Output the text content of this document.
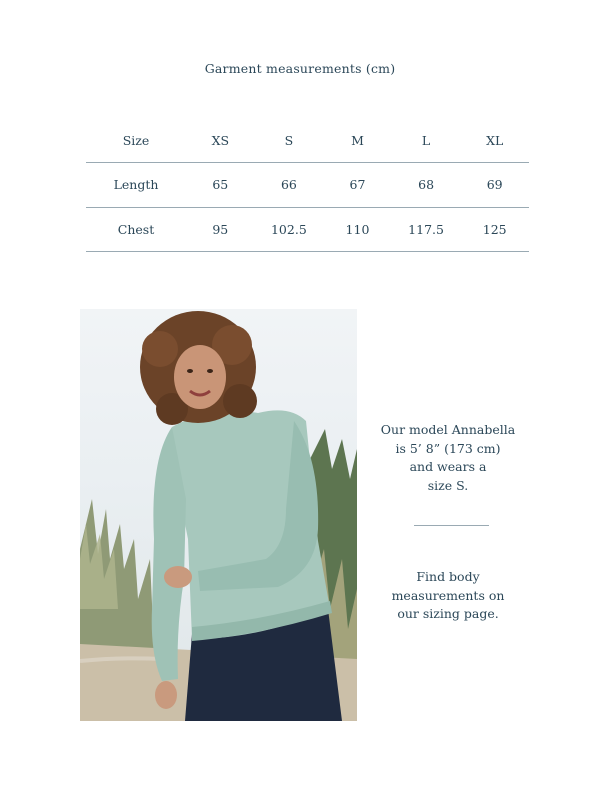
Garment measurements (cm)
Size	XS	S	M	L	XL
Length	65	66	67	68	69
Chest	95	102.5	110	117.5	125
Our model Annabella
is 5’ 8” (173 cm)
and wears a
size S.
Find body
measurements on
our sizing page.
